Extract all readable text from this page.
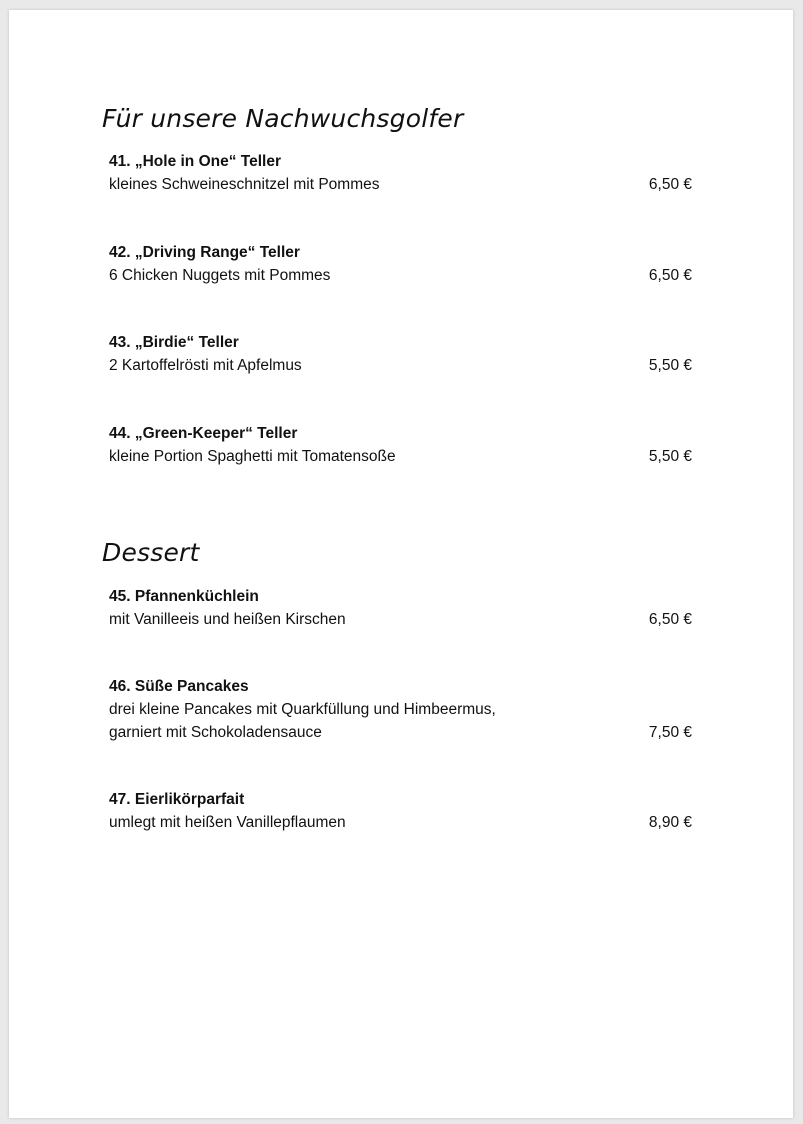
Für unsere Nachwuchsgolfer
41. „Hole in One“ Teller
kleines Schweineschnitzel mit Pommes	6,50 €
42. „Driving Range“ Teller
6 Chicken Nuggets mit Pommes	6,50 €
43. „Birdie“ Teller
2 Kartoffelrösti mit Apfelmus	5,50 €
44. „Green-Keeper“ Teller
kleine Portion Spaghetti mit Tomatensoße	5,50 €
Dessert
45. Pfannenküchlein
mit Vanilleeis und heißen Kirschen	6,50 €
46. Süße Pancakes
drei kleine Pancakes mit Quarkfüllung und Himbeermus,
garniert mit Schokoladensauce	7,50 €
47. Eierlikörparfait
umlegt mit heißen Vanillepflaumen	8,90 €
